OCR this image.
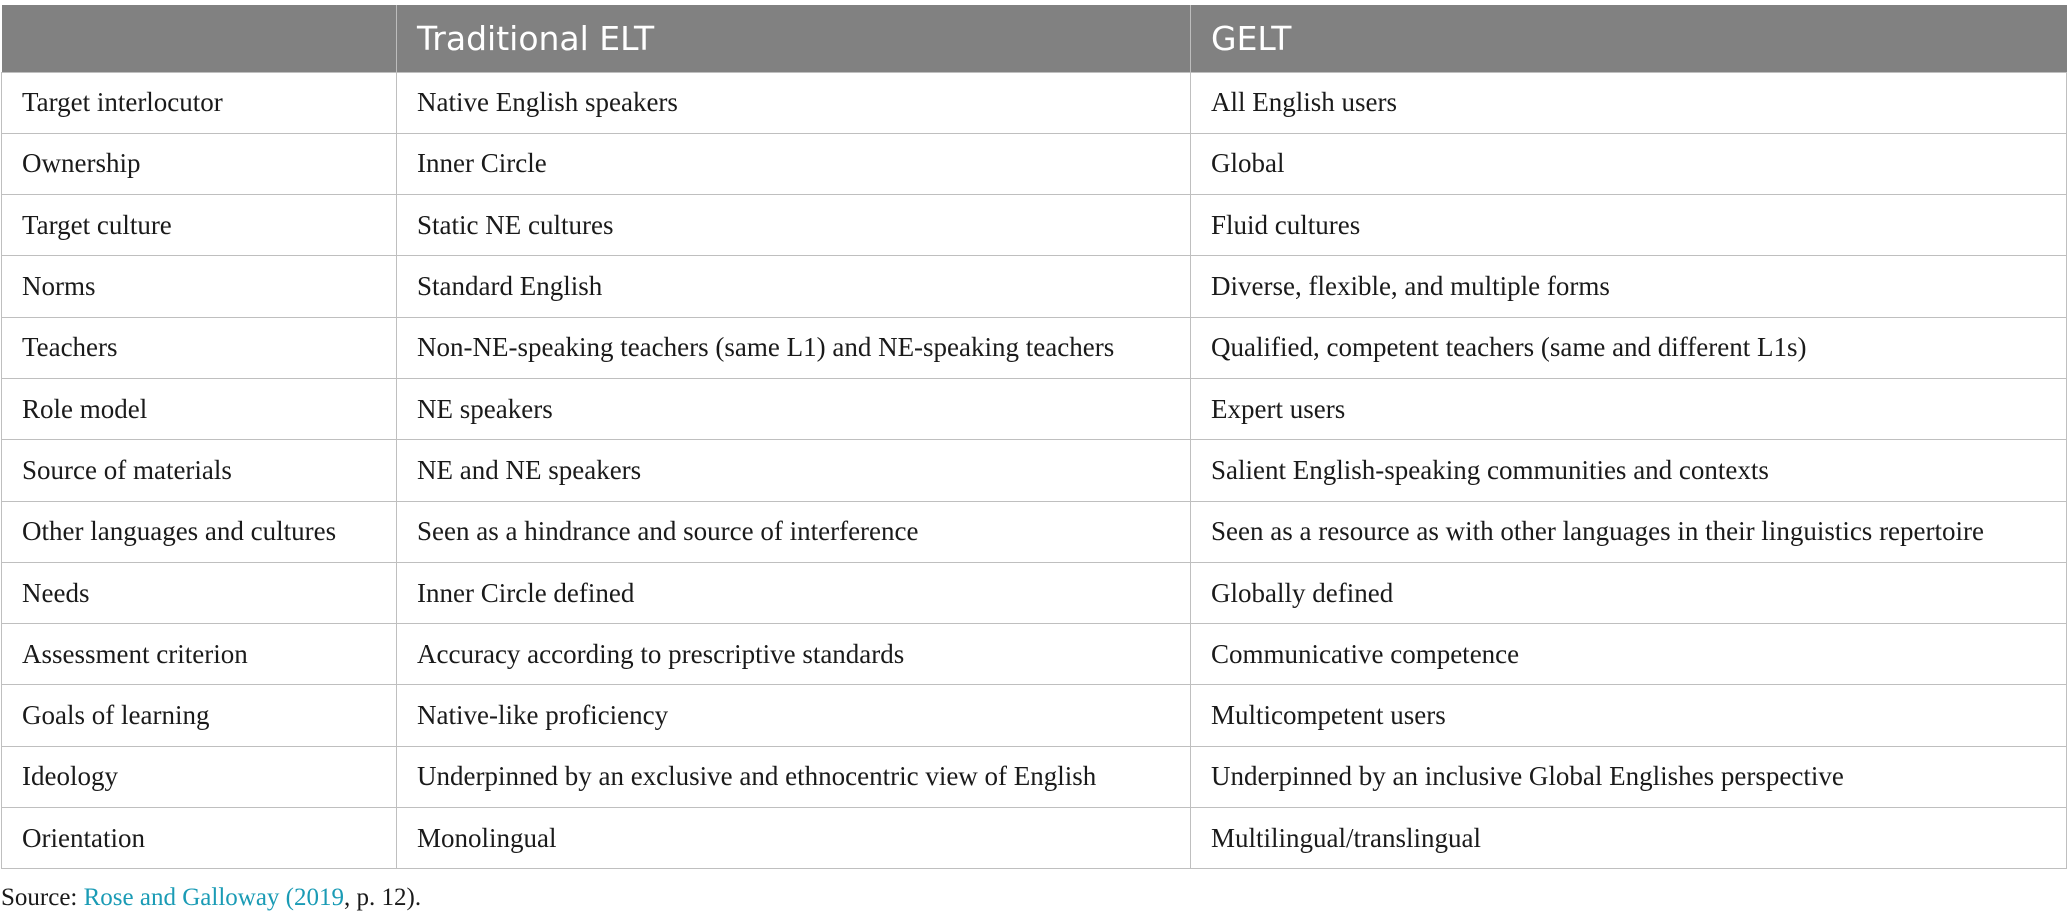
	Traditional ELT	GELT
Target interlocutor	Native English speakers	All English users
Ownership	Inner Circle	Global
Target culture	Static NE cultures	Fluid cultures
Norms	Standard English	Diverse, flexible, and multiple forms
Teachers	Non-NE-speaking teachers (same L1) and NE-speaking teachers	Qualified, competent teachers (same and different L1s)
Role model	NE speakers	Expert users
Source of materials	NE and NE speakers	Salient English-speaking communities and contexts
Other languages and cultures	Seen as a hindrance and source of interference	Seen as a resource as with other languages in their linguistics repertoire
Needs	Inner Circle defined	Globally defined
Assessment criterion	Accuracy according to prescriptive standards	Communicative competence
Goals of learning	Native-like proficiency	Multicompetent users
Ideology	Underpinned by an exclusive and ethnocentric view of English	Underpinned by an inclusive Global Englishes perspective
Orientation	Monolingual	Multilingual/translingual
Source: Rose and Galloway (2019, p. 12).
